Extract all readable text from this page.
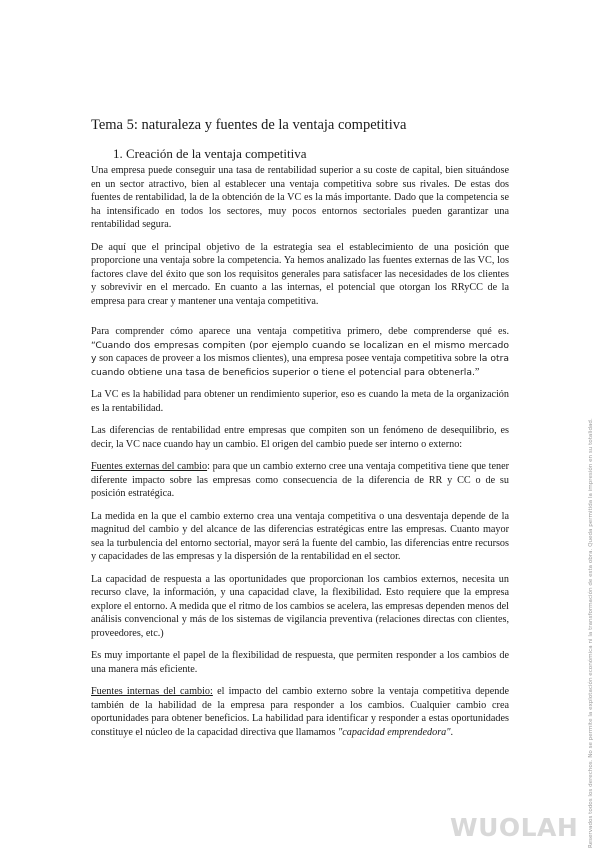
Tema 5: naturaleza y fuentes de la ventaja competitiva
1. Creación de la ventaja competitiva

Una empresa puede conseguir una tasa de rentabilidad superior a su coste de capital, bien situándose en un sector atractivo, bien al establecer una ventaja competitiva sobre sus rivales. De estas dos fuentes de rentabilidad, la de la obtención de la VC es la más importante. Dado que la competencia se ha intensificado en todos los sectores, muy pocos entornos sectoriales pueden garantizar una rentabilidad segura.

De aquí que el principal objetivo de la estrategia sea el establecimiento de una posición que proporcione una ventaja sobre la competencia. Ya hemos analizado las fuentes externas de las VC, los factores clave del éxito que son los requisitos generales para satisfacer las necesidades de los clientes y sobrevivir en el mercado. En cuanto a las internas, el potencial que otorgan los RRyCC de la empresa para crear y mantener una ventaja competitiva.

Para comprender cómo aparece una ventaja competitiva primero, debe comprenderse qué es. “Cuando dos empresas compiten (por ejemplo cuando se localizan en el mismo mercado y son capaces de proveer a los mismos clientes), una empresa posee ventaja competitiva sobre la otra cuando obtiene una tasa de beneficios superior o tiene el potencial para obtenerla.”

La VC es la habilidad para obtener un rendimiento superior, eso es cuando la meta de la organización es la rentabilidad.

Las diferencias de rentabilidad entre empresas que compiten son un fenómeno de desequilibrio, es decir, la VC nace cuando hay un cambio. El origen del cambio puede ser interno o externo:

Fuentes externas del cambio: para que un cambio externo cree una ventaja competitiva tiene que tener diferente impacto sobre las empresas como consecuencia de la diferencia de RR y CC o de su posición estratégica.

La medida en la que el cambio externo crea una ventaja competitiva o una desventaja depende de la magnitud del cambio y del alcance de las diferencias estratégicas entre las empresas. Cuanto mayor sea la turbulencia del entorno sectorial, mayor será la fuente del cambio, las diferencias entre recursos y capacidades de las empresas y la dispersión de la rentabilidad en el sector.

La capacidad de respuesta a las oportunidades que proporcionan los cambios externos, necesita un recurso clave, la información, y una capacidad clave, la flexibilidad. Esto requiere que la empresa explore el entorno. A medida que el ritmo de los cambios se acelera, las empresas dependen menos del análisis convencional y más de los sistemas de vigilancia preventiva (relaciones directas con clientes, proveedores, etc.)

Es muy importante el papel de la flexibilidad de respuesta, que permiten responder a los cambios de una manera más eficiente.

Fuentes internas del cambio: el impacto del cambio externo sobre la ventaja competitiva depende también de la habilidad de la empresa para responder a los cambios. Cualquier cambio crea oportunidades para obtener beneficios. La habilidad para identificar y responder a estas oportunidades constituye el núcleo de la capacidad directiva que llamamos "capacidad emprendedora".	Reservados todos los derechos. No se permite la explotación económica ni la transformación de esta obra. Queda permitida la impresión en su totalidad.
WUOLAH
